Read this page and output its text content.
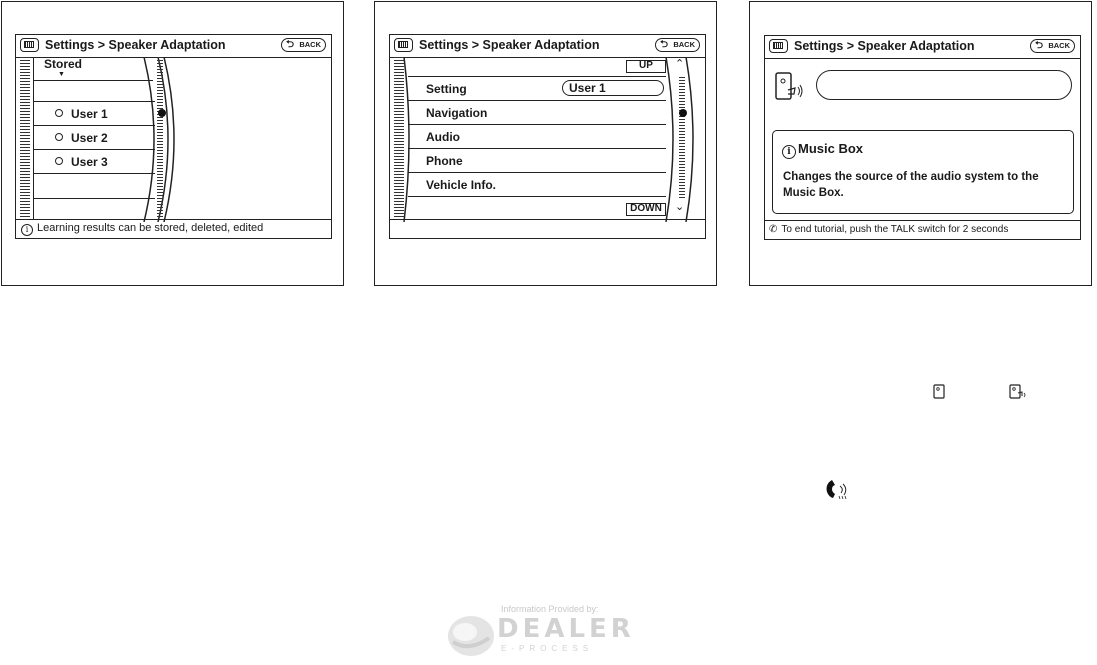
Settings > Speaker Adaptation	⮌ BACK
Stored
▼
User 1
User 2
User 3
i Learning results can be stored, deleted, edited
Settings > Speaker Adaptation	⮌ BACK
UP	⌃
Setting	User 1
Navigation
Audio
Phone
Vehicle Info.
DOWN	⌄
Settings > Speaker Adaptation	⮌ BACK
i Music Box
Changes the source of the audio system to the
Music Box.
✆ To end tutorial, push the TALK switch for 2 seconds
Information Provided by:
DEALER
E-PROCESS
